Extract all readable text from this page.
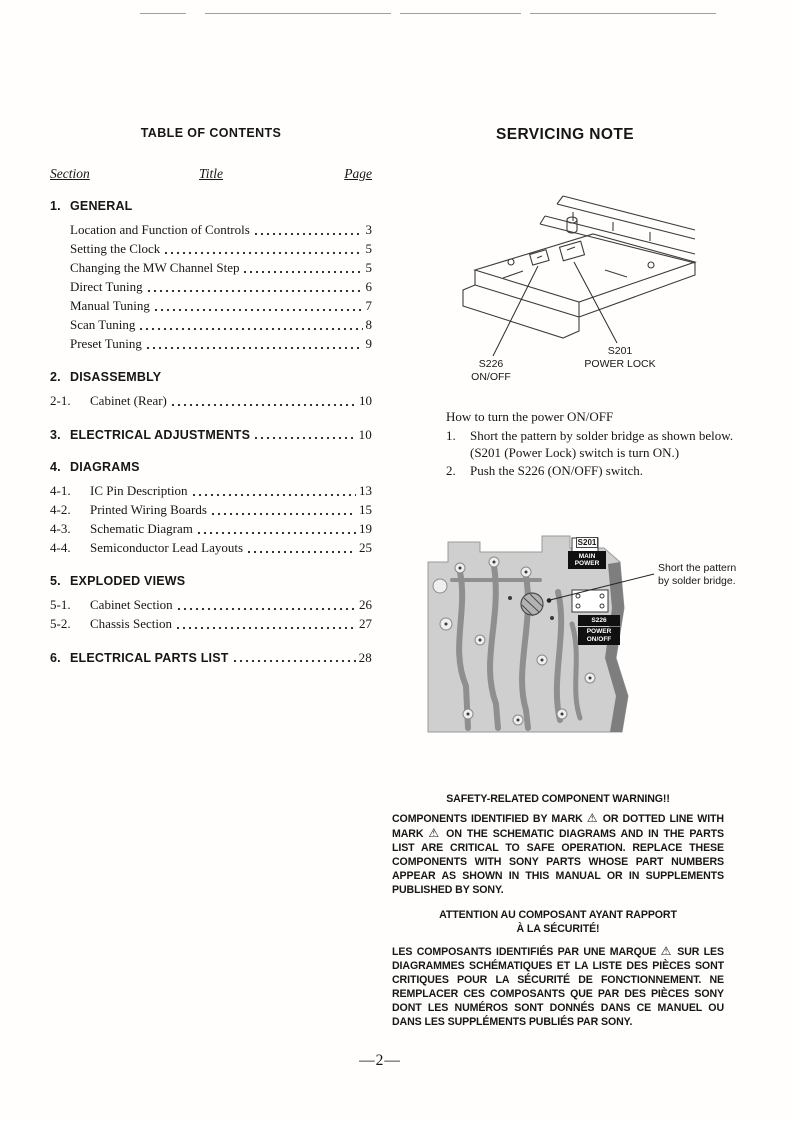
TABLE OF CONTENTS
Section	Title	Page
1. GENERAL
Location and Function of Controls	3
Setting the Clock	5
Changing the MW Channel Step	5
Direct Tuning	6
Manual Tuning	7
Scan Tuning	8
Preset Tuning	9
2. DISASSEMBLY
2-1.	Cabinet (Rear)	10
3. ELECTRICAL ADJUSTMENTS	10
4. DIAGRAMS
4-1.	IC Pin Description	13
4-2.	Printed Wiring Boards	15
4-3.	Schematic Diagram	19
4-4.	Semiconductor Lead Layouts	25
5. EXPLODED VIEWS
5-1.	Cabinet Section	26
5-2.	Chassis Section	27
6. ELECTRICAL PARTS LIST	28
SERVICING NOTE
S226
ON/OFF
S201
POWER LOCK
How to turn the power ON/OFF
1.	Short the pattern by solder bridge as shown below. (S201 (Power Lock) switch is turn ON.)
2.	Push the S226 (ON/OFF) switch.
S201
MAIN POWER
S226
POWER ON/OFF
Short the pattern by solder bridge.
SAFETY-RELATED COMPONENT WARNING!!
COMPONENTS IDENTIFIED BY MARK ⚠ OR DOTTED LINE WITH MARK ⚠ ON THE SCHEMATIC DIAGRAMS AND IN THE PARTS LIST ARE CRITICAL TO SAFE OPERATION. REPLACE THESE COMPONENTS WITH SONY PARTS WHOSE PART NUMBERS APPEAR AS SHOWN IN THIS MANUAL OR IN SUPPLEMENTS PUBLISHED BY SONY.
ATTENTION AU COMPOSANT AYANT RAPPORT
À LA SÉCURITÉ!
LES COMPOSANTS IDENTIFIÉS PAR UNE MARQUE ⚠ SUR LES DIAGRAMMES SCHÉMATIQUES ET LA LISTE DES PIÈCES SONT CRITIQUES POUR LA SÉCURITÉ DE FONCTIONNEMENT. NE REMPLACER CES COMPOSANTS QUE PAR DES PIÈCES SONY DONT LES NUMÉROS SONT DONNÉS DANS CE MANUEL OU DANS LES SUPPLÉMENTS PUBLIÉS PAR SONY.
—2—
